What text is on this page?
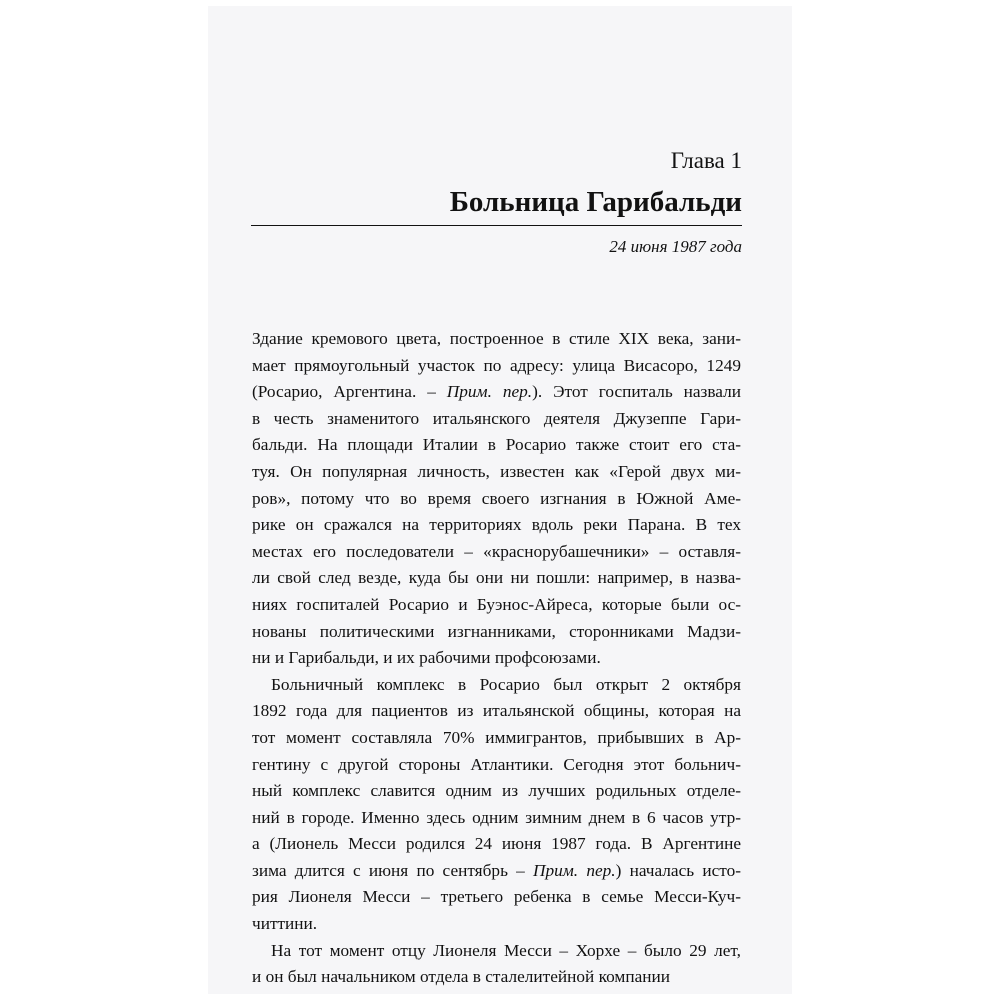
Глава 1
Больница Гарибальди
24 июня 1987 года
Здание кремового цвета, построенное в стиле XIX века, зани-
мает прямоугольный участок по адресу: улица Висасоро, 1249
(Росарио, Аргентина. – Прим. пер.). Этот госпиталь назвали
в честь знаменитого итальянского деятеля Джузеппе Гари-
бальди. На площади Италии в Росарио также стоит его ста-
туя. Он популярная личность, известен как «Герой двух ми-
ров», потому что во время своего изгнания в Южной Аме-
рике он сражался на территориях вдоль реки Парана. В тех
местах его последователи – «краснорубашечники» – оставля-
ли свой след везде, куда бы они ни пошли: например, в назва-
ниях госпиталей Росарио и Буэнос-Айреса, которые были ос-
нованы политическими изгнанниками, сторонниками Мадзи-
ни и Гарибальди, и их рабочими профсоюзами.
Больничный комплекс в Росарио был открыт 2 октября
1892 года для пациентов из итальянской общины, которая на
тот момент составляла 70% иммигрантов, прибывших в Ар-
гентину с другой стороны Атлантики. Сегодня этот больнич-
ный комплекс славится одним из лучших родильных отделе-
ний в городе. Именно здесь одним зимним днем в 6 часов утр-
а (Лионель Месси родился 24 июня 1987 года. В Аргентине
зима длится с июня по сентябрь – Прим. пер.) началась исто-
рия Лионеля Месси – третьего ребенка в семье Месси-Куч-
читтини.
На тот момент отцу Лионеля Месси – Хорхе – было 29 лет,
и он был начальником отдела в сталелитейной компании
